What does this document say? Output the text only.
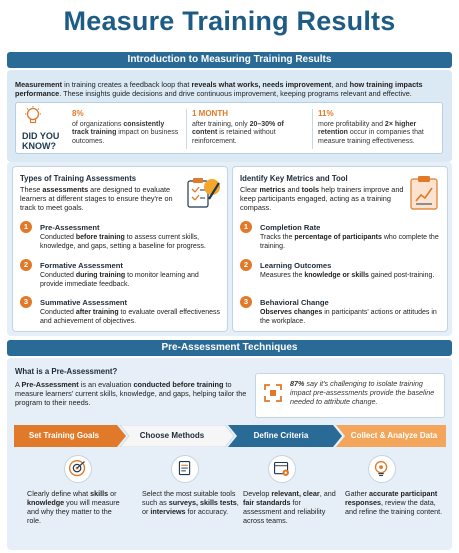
Measure Training Results
Introduction to Measuring Training Results
Measurement in training creates a feedback loop that reveals what works, needs improvement, and how training impacts performance. These insights guide decisions and drive continuous improvement, keeping programs relevant and effective.
DID YOU KNOW?
8%
of organizations consistently track training impact on business outcomes.
1 MONTH
after training, only 20–30% of content is retained without reinforcement.
11%
more profitability and 2× higher retention occur in companies that measure training effectiveness.
Types of Training Assessments
These assessments are designed to evaluate learners at different stages to ensure they're on track to meet goals.
1	Pre-Assessment
Conducted before training to assess current skills, knowledge, and gaps, setting a baseline for progress.
2	Formative Assessment
Conducted during training to monitor learning and provide immediate feedback.
3	Summative Assessment
Conducted after training to evaluate overall effectiveness and achievement of objectives.
Identify Key Metrics and Tool
Clear metrics and tools help trainers improve and keep participants engaged, acting as a training compass.
1	Completion Rate
Tracks the percentage of participants who complete the training.
2	Learning Outcomes
Measures the knowledge or skills gained post-training.
3	Behavioral Change
Observes changes in participants' actions or attitudes in the workplace.
Pre-Assessment Techniques
What is a Pre-Assessment?
A Pre-Assessment is an evaluation conducted before training to measure learners' current skills, knowledge, and gaps, helping tailor the program to their needs.
87% say it's challenging to isolate training impact pre-assessments provide the baseline needed to attribute change.
Set Training Goals	Choose Methods	Define Criteria	Collect & Analyze Data
Clearly define what skills or knowledge you will measure and why they matter to the role.
Select the most suitable tools such as surveys, skills tests, or interviews for accuracy.
Develop relevant, clear, and fair standards for assessment and reliability across teams.
Gather accurate participant responses, review the data, and refine the training content.
